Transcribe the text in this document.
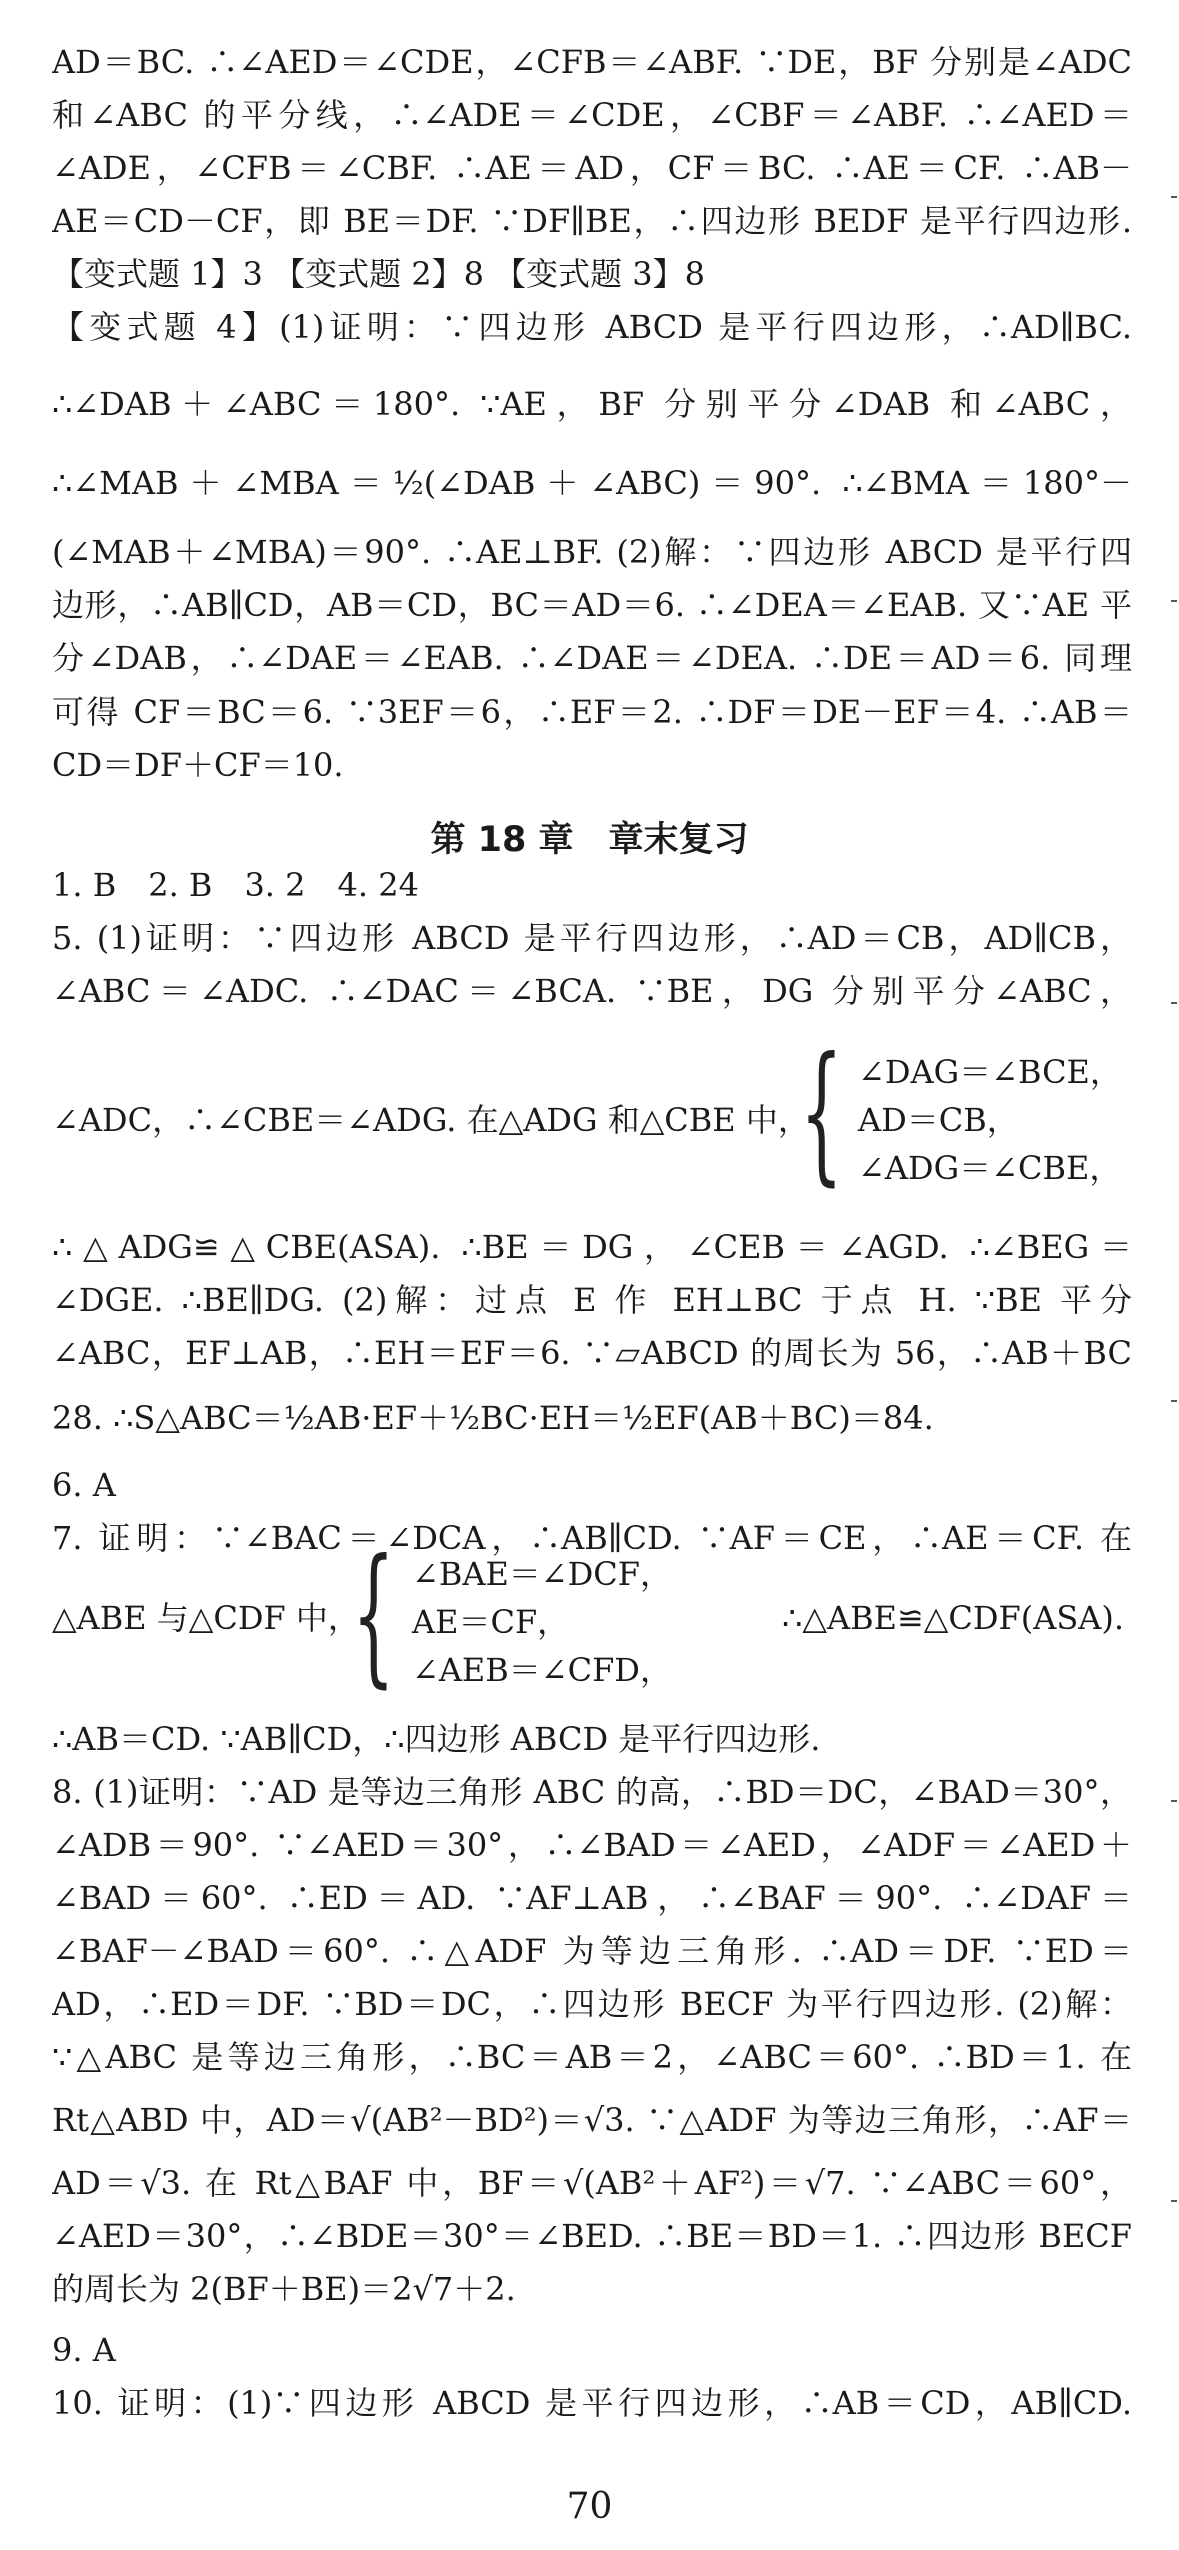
AD＝BC. ∴∠AED＝∠CDE，∠CFB＝∠ABF. ∵DE，BF 分别是∠ADC
和∠ABC 的平分线，∴∠ADE＝∠CDE，∠CBF＝∠ABF. ∴∠AED＝
∠ADE，∠CFB＝∠CBF. ∴AE＝AD，CF＝BC. ∴AE＝CF. ∴AB－
AE＝CD－CF，即 BE＝DF. ∵DF∥BE，∴四边形 BEDF 是平行四边形.
【变式题 1】3 【变式题 2】8 【变式题 3】8
【变式题 4】(1)证明：∵四边形 ABCD 是平行四边形，∴AD∥BC.
∴∠DAB＋∠ABC＝180°. ∵AE，BF 分别平分∠DAB 和∠ABC，
∴∠MAB＋∠MBA＝½(∠DAB＋∠ABC)＝90°. ∴∠BMA＝180°－
(∠MAB＋∠MBA)＝90°. ∴AE⊥BF. (2)解：∵四边形 ABCD 是平行四
边形，∴AB∥CD，AB＝CD，BC＝AD＝6. ∴∠DEA＝∠EAB. 又∵AE 平
分∠DAB，∴∠DAE＝∠EAB. ∴∠DAE＝∠DEA. ∴DE＝AD＝6. 同理
可得 CF＝BC＝6. ∵3EF＝6，∴EF＝2. ∴DF＝DE－EF＝4. ∴AB＝
CD＝DF＋CF＝10.
第 18 章　章末复习
1. B　2. B　3. 2　4. 24
5. (1)证明：∵四边形 ABCD 是平行四边形，∴AD＝CB，AD∥CB，
∠ABC＝∠ADC. ∴∠DAC＝∠BCA. ∵BE，DG 分别平分∠ABC，
∠ADC，∴∠CBE＝∠ADG. 在△ADG 和△CBE 中，
{ ∠DAG＝∠BCE，
AD＝CB，
∠ADG＝∠CBE，
∴△ADG≌△CBE(ASA). ∴BE＝DG，∠CEB＝∠AGD. ∴∠BEG＝
∠DGE. ∴BE∥DG. (2)解：过点 E 作 EH⊥BC 于点 H. ∵BE 平分
∠ABC，EF⊥AB，∴EH＝EF＝6. ∵▱ABCD 的周长为 56，∴AB＋BC
28. ∴S△ABC＝½AB·EF＋½BC·EH＝½EF(AB＋BC)＝84.
6. A
7. 证明：∵∠BAC＝∠DCA，∴AB∥CD. ∵AF＝CE，∴AE＝CF. 在
△ABE 与△CDF 中，
{ ∠BAE＝∠DCF，
AE＝CF，
∠AEB＝∠CFD，
∴△ABE≌△CDF(ASA).
∴AB＝CD. ∵AB∥CD，∴四边形 ABCD 是平行四边形.
8. (1)证明：∵AD 是等边三角形 ABC 的高，∴BD＝DC，∠BAD＝30°，
∠ADB＝90°. ∵∠AED＝30°，∴∠BAD＝∠AED，∠ADF＝∠AED＋
∠BAD＝60°. ∴ED＝AD. ∵AF⊥AB，∴∠BAF＝90°. ∴∠DAF＝
∠BAF－∠BAD＝60°. ∴△ADF 为等边三角形. ∴AD＝DF. ∵ED＝
AD，∴ED＝DF. ∵BD＝DC，∴四边形 BECF 为平行四边形. (2)解：
∵△ABC 是等边三角形，∴BC＝AB＝2，∠ABC＝60°. ∴BD＝1. 在
Rt△ABD 中，AD＝√(AB²－BD²)＝√3. ∵△ADF 为等边三角形，∴AF＝
AD＝√3. 在 Rt△BAF 中，BF＝√(AB²＋AF²)＝√7. ∵∠ABC＝60°，
∠AED＝30°，∴∠BDE＝30°＝∠BED. ∴BE＝BD＝1. ∴四边形 BECF
的周长为 2(BF＋BE)＝2√7＋2.
9. A
10. 证明：(1)∵四边形 ABCD 是平行四边形，∴AB＝CD，AB∥CD.
70
